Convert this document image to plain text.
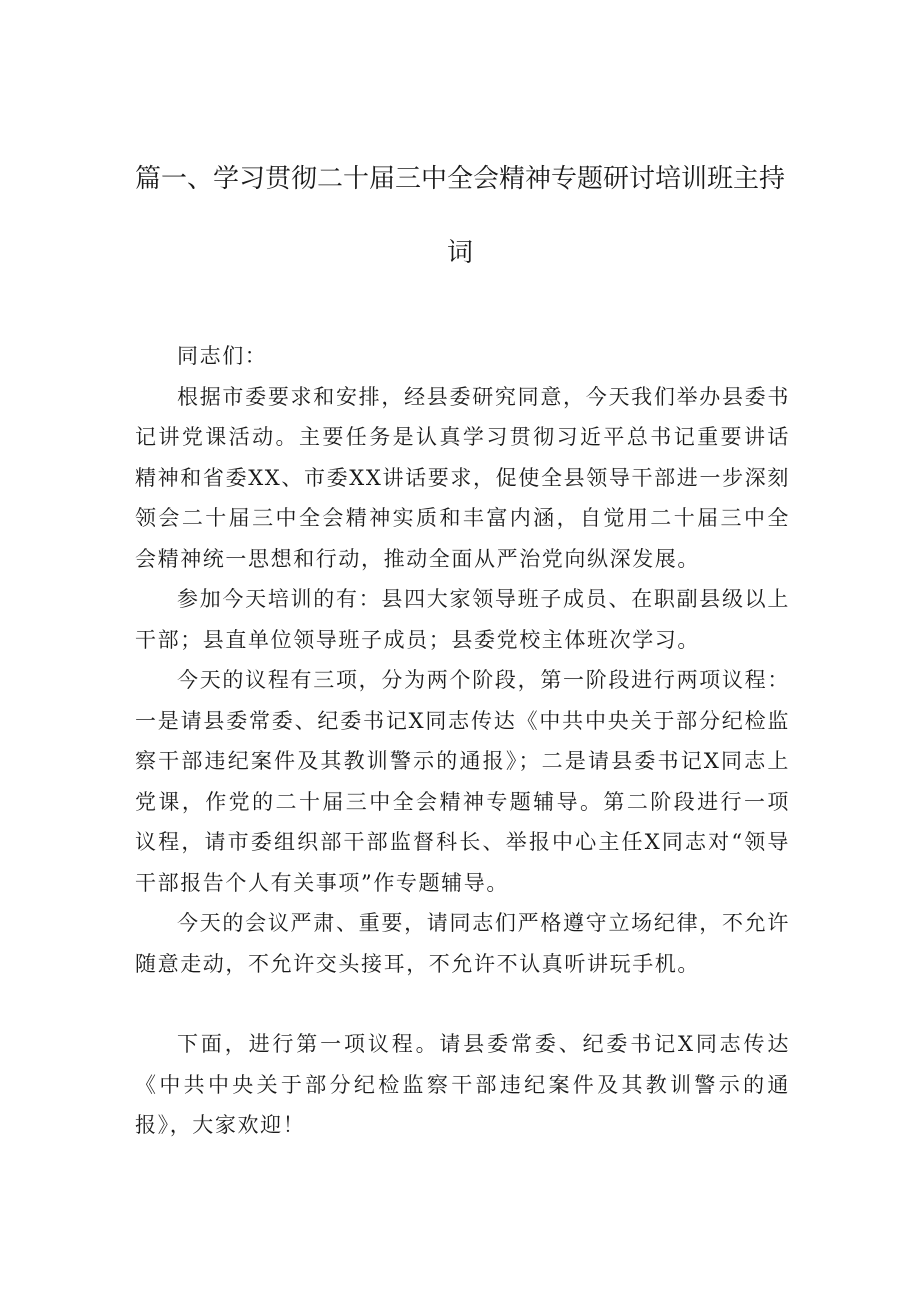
篇一、学习贯彻二十届三中全会精神专题研讨培训班主持
词

同志们：

根据市委要求和安排，经县委研究同意，今天我们举办县委书记讲党课活动。主要任务是认真学习贯彻习近平总书记重要讲话精神和省委XX、市委XX讲话要求，促使全县领导干部进一步深刻领会二十届三中全会精神实质和丰富内涵，自觉用二十届三中全会精神统一思想和行动，推动全面从严治党向纵深发展。

参加今天培训的有：县四大家领导班子成员、在职副县级以上干部；县直单位领导班子成员；县委党校主体班次学习。

今天的议程有三项，分为两个阶段，第一阶段进行两项议程：一是请县委常委、纪委书记X同志传达《中共中央关于部分纪检监察干部违纪案件及其教训警示的通报》；二是请县委书记X同志上党课，作党的二十届三中全会精神专题辅导。第二阶段进行一项议程，请市委组织部干部监督科长、举报中心主任X同志对“领导干部报告个人有关事项”作专题辅导。

今天的会议严肃、重要，请同志们严格遵守立场纪律，不允许随意走动，不允许交头接耳，不允许不认真听讲玩手机。

下面，进行第一项议程。请县委常委、纪委书记X同志传达《中共中央关于部分纪检监察干部违纪案件及其教训警示的通报》，大家欢迎！
